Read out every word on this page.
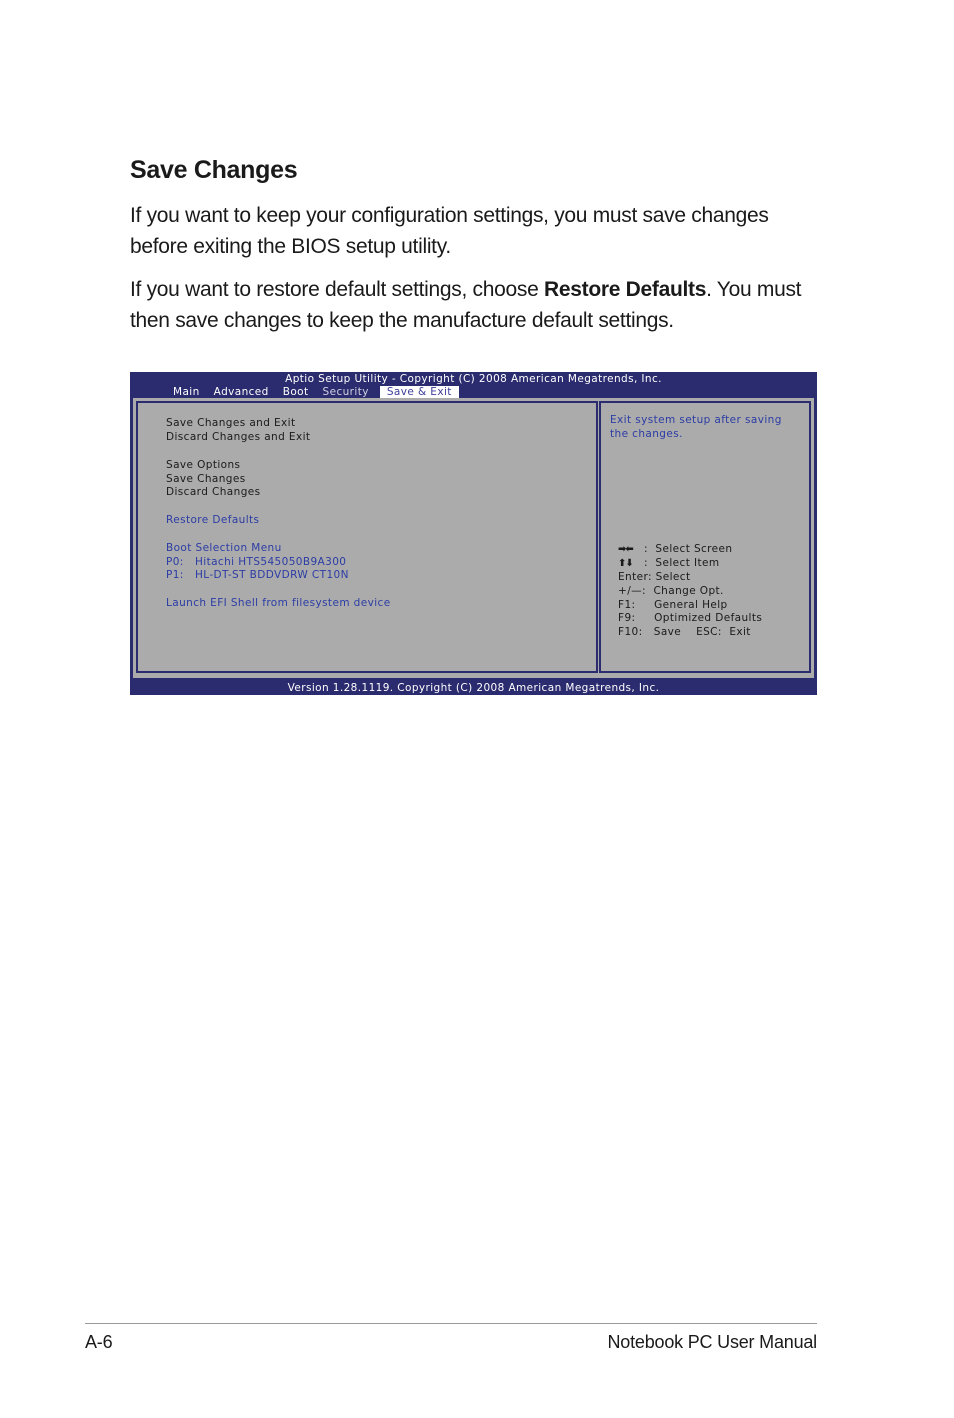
Save Changes

If you want to keep your configuration settings, you must save changes before exiting the BIOS setup utility.

If you want to restore default settings, choose Restore Defaults. You must then save changes to keep the manufacture default settings.

Aptio Setup Utility - Copyright (C) 2008 American Megatrends, Inc.
Main	Advanced	Boot	Security	Save & Exit
Save Changes and Exit
Discard Changes and Exit
Save Options
Save Changes
Discard Changes
Restore Defaults
Boot Selection Menu
P0:   Hitachi HTS545050B9A300
P1:   HL-DT-ST BDDVDRW CT10N
Launch EFI Shell from filesystem device
Exit system setup after saving
the changes.
➡⬅ :  Select Screen
⬆⬇ :  Select Item
Enter: Select
+/—:  Change Opt.
F1:     General Help
F9:     Optimized Defaults
F10:   Save    ESC:  Exit
Version 1.28.1119. Copyright (C) 2008 American Megatrends, Inc.
A-6	Notebook PC User Manual
